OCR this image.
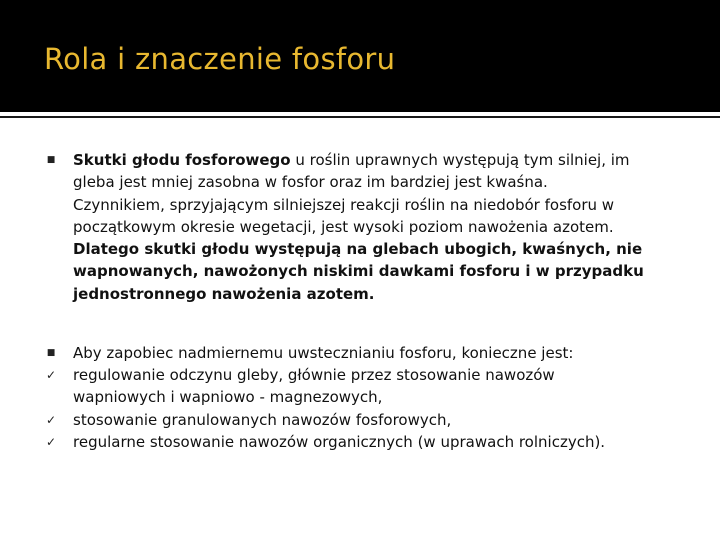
Rola i znaczenie fosforu
■ Skutki głodu fosforowego u roślin uprawnych występują tym silniej, im
gleba jest mniej zasobna w fosfor oraz im bardziej jest kwaśna.
Czynnikiem, sprzyjającym silniejszej reakcji roślin na niedobór fosforu w
początkowym okresie wegetacji, jest wysoki poziom nawożenia azotem.
Dlatego skutki głodu występują na glebach ubogich, kwaśnych, nie
wapnowanych, nawożonych niskimi dawkami fosforu i w przypadku
jednostronnego nawożenia azotem.
■ Aby zapobiec nadmiernemu uwstecznianiu fosforu, konieczne jest:
✓ regulowanie odczynu gleby, głównie przez stosowanie nawozów
wapniowych i wapniowo - magnezowych,
✓ stosowanie granulowanych nawozów fosforowych,
✓ regularne stosowanie nawozów organicznych (w uprawach rolniczych).
